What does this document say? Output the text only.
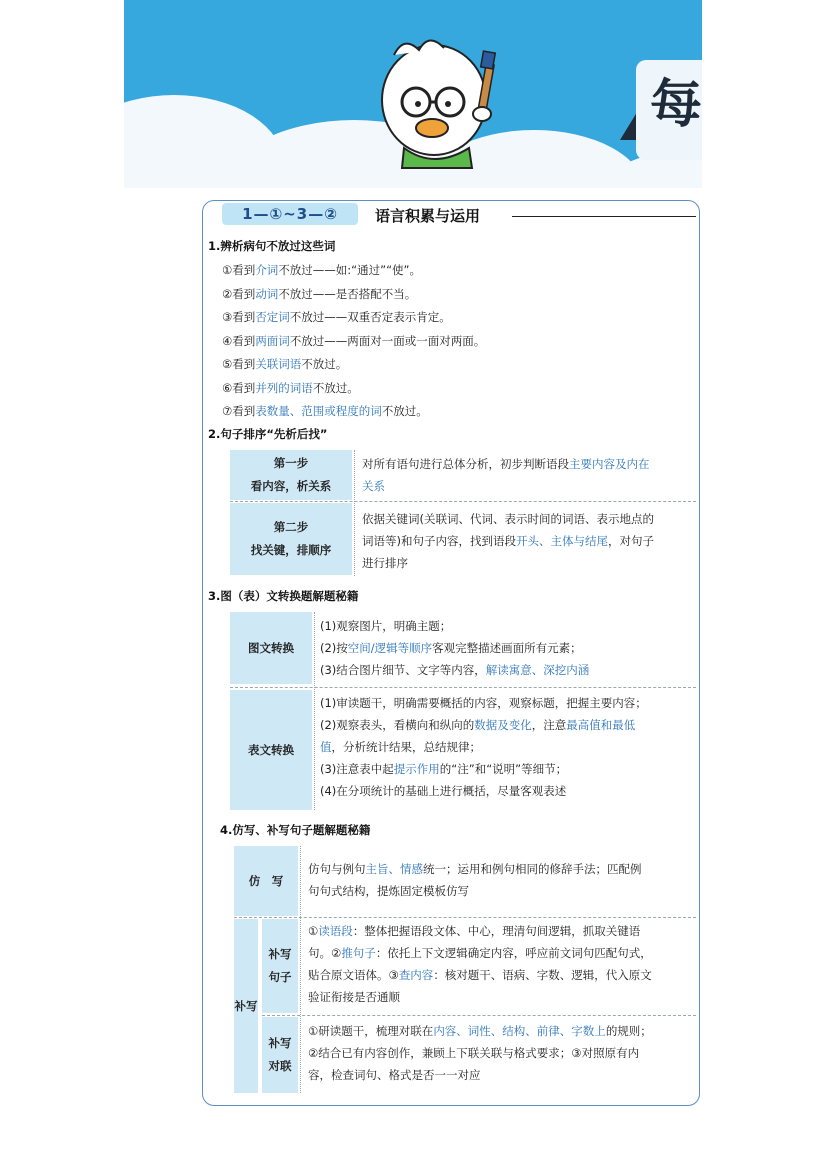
每
1—①~3—②	语言积累与运用
1.辨析病句不放过这些词
①看到介词不放过——如:“通过”“使”。
②看到动词不放过——是否搭配不当。
③看到否定词不放过——双重否定表示肯定。
④看到两面词不放过——两面对一面或一面对两面。
⑤看到关联词语不放过。
⑥看到并列的词语不放过。
⑦看到表数量、范围或程度的词不放过。
2.句子排序“先析后找”
第一步
看内容，析关系
对所有语句进行总体分析，初步判断语段主要内容及内在
关系
第二步
找关键，排顺序
依据关键词(关联词、代词、表示时间的词语、表示地点的
词语等)和句子内容，找到语段开头、主体与结尾，对句子
进行排序
3.图（表）文转换题解题秘籍
图文转换
(1)观察图片，明确主题；
(2)按空间/逻辑等顺序客观完整描述画面所有元素；
(3)结合图片细节、文字等内容，解读寓意、深挖内涵
表文转换
(1)审读题干，明确需要概括的内容，观察标题，把握主要内容；
(2)观察表头，看横向和纵向的数据及变化，注意最高值和最低
值，分析统计结果，总结规律；
(3)注意表中起提示作用的“注”和“说明”等细节；
(4)在分项统计的基础上进行概括，尽量客观表述
4.仿写、补写句子题解题秘籍
仿　写
仿句与例句主旨、情感统一；运用和例句相同的修辞手法；匹配例
句句式结构，提炼固定模板仿写
补写
补写
句子
①读语段：整体把握语段文体、中心，理清句间逻辑，抓取关键语
句。②推句子：依托上下文逻辑确定内容，呼应前文词句匹配句式，
贴合原文语体。③查内容：核对题干、语病、字数、逻辑，代入原文
验证衔接是否通顺
补写
对联
①研读题干，梳理对联在内容、词性、结构、前律、字数上的规则；
②结合已有内容创作，兼顾上下联关联与格式要求；③对照原有内
容，检查词句、格式是否一一对应
